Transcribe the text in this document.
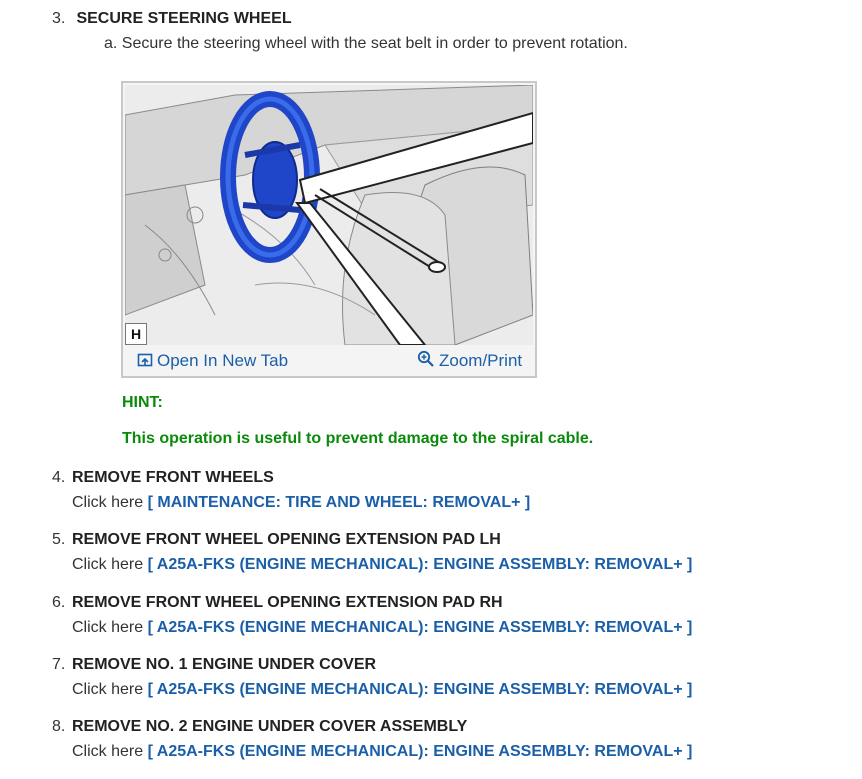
3. SECURE STEERING WHEEL
a. Secure the steering wheel with the seat belt in order to prevent rotation.
H
Open In New Tab	Zoom/Print
HINT:
This operation is useful to prevent damage to the spiral cable.
4. REMOVE FRONT WHEELS
Click here [ MAINTENANCE: TIRE AND WHEEL: REMOVAL+ ]
5. REMOVE FRONT WHEEL OPENING EXTENSION PAD LH
Click here [ A25A-FKS (ENGINE MECHANICAL): ENGINE ASSEMBLY: REMOVAL+ ]
6. REMOVE FRONT WHEEL OPENING EXTENSION PAD RH
Click here [ A25A-FKS (ENGINE MECHANICAL): ENGINE ASSEMBLY: REMOVAL+ ]
7. REMOVE NO. 1 ENGINE UNDER COVER
Click here [ A25A-FKS (ENGINE MECHANICAL): ENGINE ASSEMBLY: REMOVAL+ ]
8. REMOVE NO. 2 ENGINE UNDER COVER ASSEMBLY
Click here [ A25A-FKS (ENGINE MECHANICAL): ENGINE ASSEMBLY: REMOVAL+ ]
